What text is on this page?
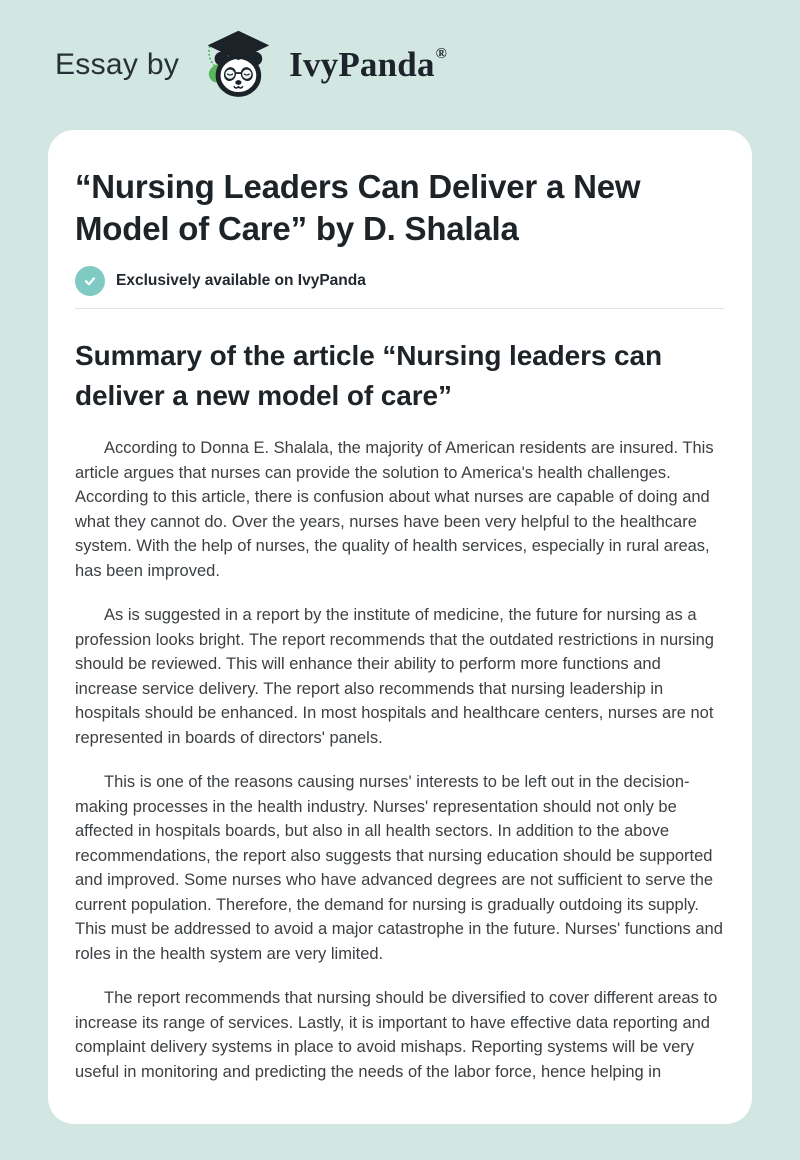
Essay by	IvyPanda®
“Nursing Leaders Can Deliver a New Model of Care” by D. Shalala
Exclusively available on IvyPanda
Summary of the article “Nursing leaders can deliver a new model of care”

According to Donna E. Shalala, the majority of American residents are insured. This article argues that nurses can provide the solution to America's health challenges. According to this article, there is confusion about what nurses are capable of doing and what they cannot do. Over the years, nurses have been very helpful to the healthcare system. With the help of nurses, the quality of health services, especially in rural areas, has been improved.

As is suggested in a report by the institute of medicine, the future for nursing as a profession looks bright. The report recommends that the outdated restrictions in nursing should be reviewed. This will enhance their ability to perform more functions and increase service delivery. The report also recommends that nursing leadership in hospitals should be enhanced. In most hospitals and healthcare centers, nurses are not represented in boards of directors' panels.

This is one of the reasons causing nurses' interests to be left out in the decision-making processes in the health industry. Nurses' representation should not only be affected in hospitals boards, but also in all health sectors. In addition to the above recommendations, the report also suggests that nursing education should be supported and improved. Some nurses who have advanced degrees are not sufficient to serve the current population. Therefore, the demand for nursing is gradually outdoing its supply. This must be addressed to avoid a major catastrophe in the future. Nurses' functions and roles in the health system are very limited.

The report recommends that nursing should be diversified to cover different areas to increase its range of services. Lastly, it is important to have effective data reporting and complaint delivery systems in place to avoid mishaps. Reporting systems will be very useful in monitoring and predicting the needs of the labor force, hence helping in
